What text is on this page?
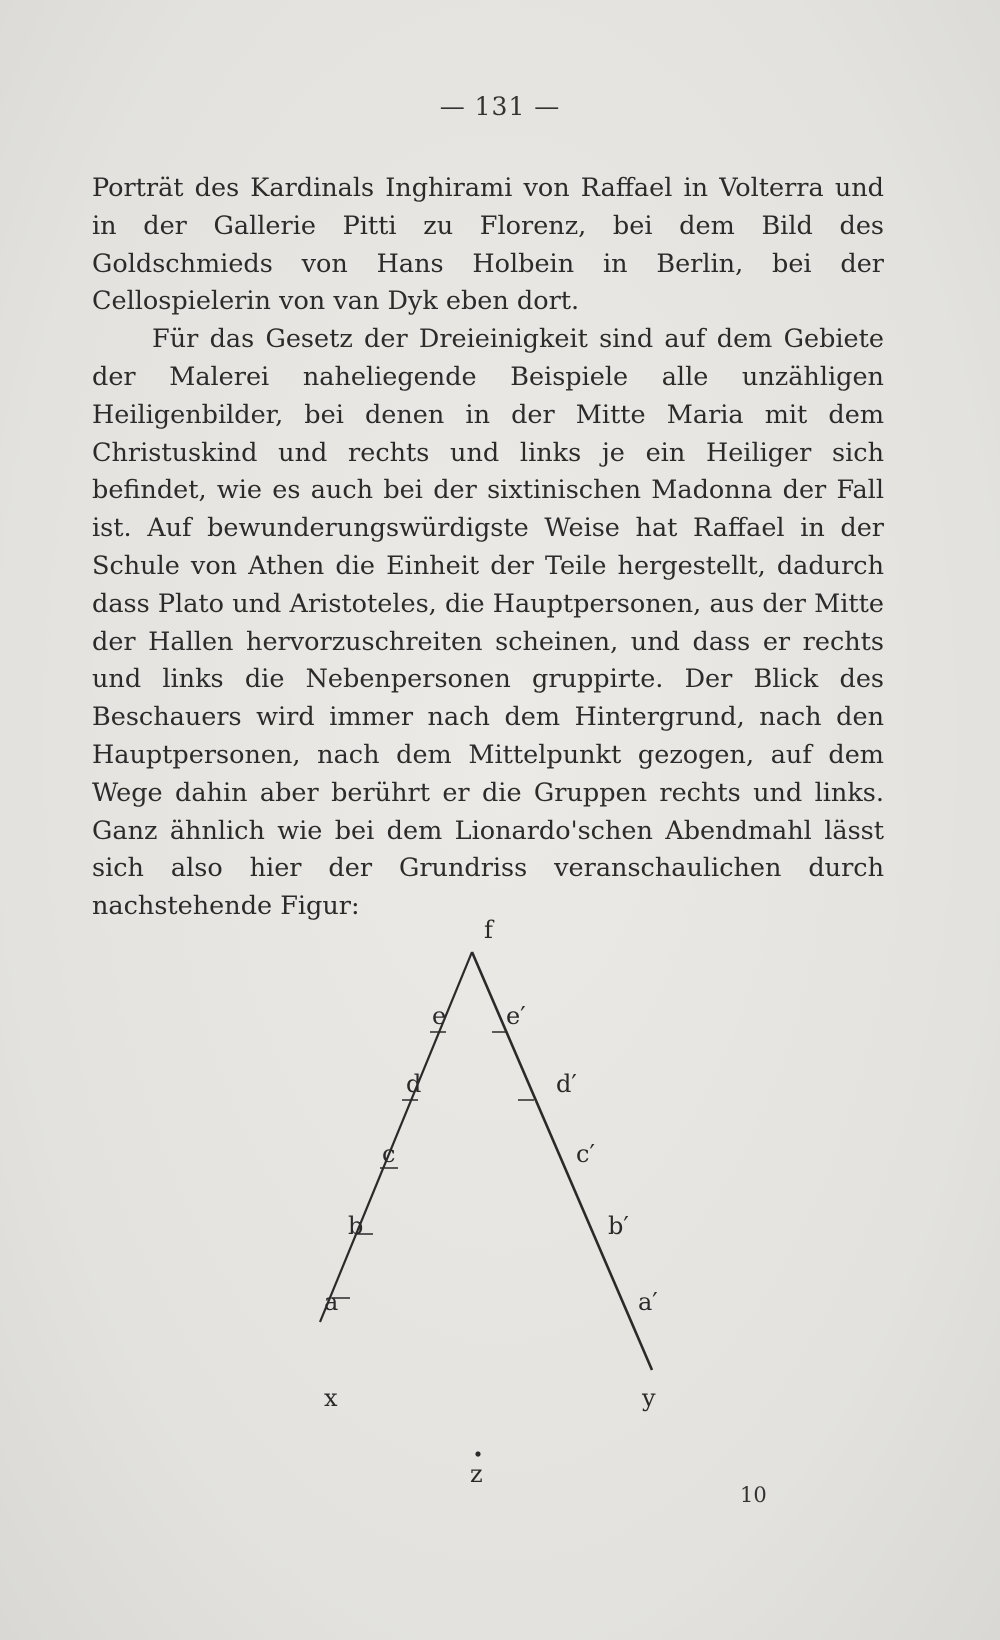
— 131 —

Porträt des Kardinals Inghirami von Raffael in Volterra und in der Gallerie Pitti zu Florenz, bei dem Bild des Goldschmieds von Hans Holbein in Berlin, bei der Cellospielerin von van Dyk eben dort.

Für das Gesetz der Dreieinigkeit sind auf dem Gebiete der Malerei naheliegende Beispiele alle unzähligen Heiligenbilder, bei denen in der Mitte Maria mit dem Christuskind und rechts und links je ein Heiliger sich befindet, wie es auch bei der sixtinischen Madonna der Fall ist. Auf bewunderungswürdigste Weise hat Raffael in der Schule von Athen die Einheit der Teile hergestellt, dadurch dass Plato und Aristoteles, die Hauptpersonen, aus der Mitte der Hallen hervorzuschreiten scheinen, und dass er rechts und links die Nebenpersonen gruppirte. Der Blick des Beschauers wird immer nach dem Hintergrund, nach den Hauptpersonen, nach dem Mittelpunkt gezogen, auf dem Wege dahin aber berührt er die Gruppen rechts und links. Ganz ähnlich wie bei dem Lionardo'schen Abendmahl lässt sich also hier der Grundriss veranschaulichen durch nachstehende Figur:

f
e e′
d	d′
c	c′
b	b′
a	a′
x	y
z
10
